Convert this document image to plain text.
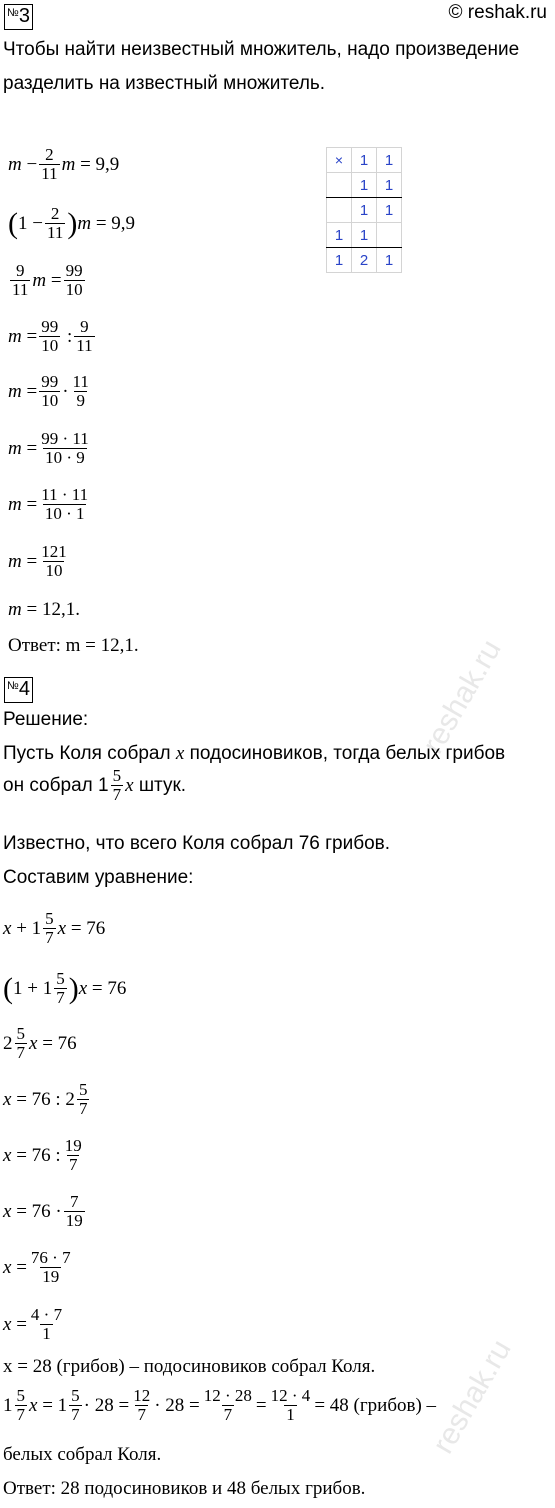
reshak.ru
reshak.ru
№3	© reshak.ru
Чтобы найти неизвестный множитель, надо произведение
разделить на известный множитель.
$m - \frac{2}{11}$ m = 9,9
( $1 - \frac{2}{11}$ ) m = 9,9
$\frac{9}{11}$ $m = \frac{99}{10}$
$m = \frac{99}{10}$ : $\frac{9}{11}$
$m = \frac{99}{10} \cdot \frac{11}{9}$
$m = \frac{99 \cdot 11}{10 \cdot 9}$
$m = \frac{11 \cdot 11}{10 \cdot 1}$
$m = \frac{121}{10}$
m = 12,1.
Ответ:
m = 12,1.
×	1	1
	1	1
	1	1
1	1	
1	2	1
№4
Решение:
Пусть Коля собрал x подосиновиков, тогда белых грибов
он собрал $1 \frac{5}{7}$ x
штук.
Известно, что всего Коля собрал 76 грибов.
Составим уравнение:
$x + 1 \frac{5}{7}$ x = 76
( $1 + 1 \frac{5}{7}$ ) x = 76
$2 \frac{5}{7}$ x = 76
x = 76 : $2 \frac{5}{7}$
x = 76 : $\frac{19}{7}$
$x = 76 \cdot \frac{7}{19}$
$x = \frac{76 \cdot 7}{19}$
$x = \frac{4 \cdot 7}{1}$
x = 28 (грибов) – подосиновиков собрал Коля.
$1 \frac{5}{7}$ $x = 1 \frac{5}{7} \cdot 28 = \frac{12}{7} \cdot 28 = \frac{12 \cdot 28}{7} = \frac{12 \cdot 4}{1} = 48$ (грибов) –
белых собрал Коля.
Ответ: 28 подосиновиков и 48 белых грибов.
